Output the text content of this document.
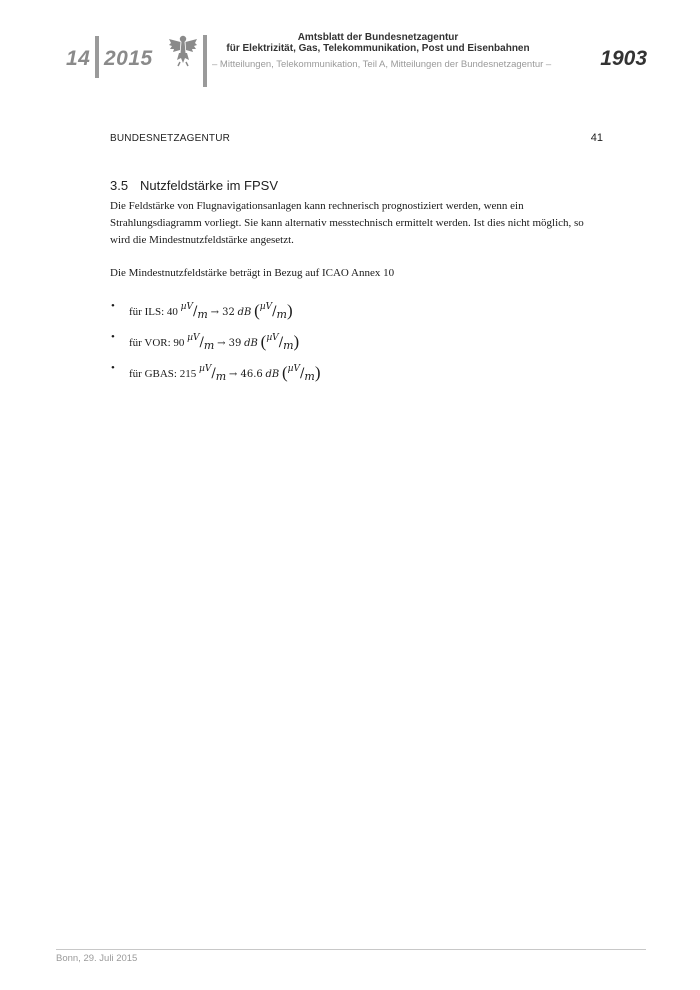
14 2015
Amtsblatt der Bundesnetzagentur
für Elektrizität, Gas, Telekommunikation, Post und Eisenbahnen
– Mitteilungen, Telekommunikation, Teil A, Mitteilungen der Bundesnetzagentur – 1903
BUNDESNETZAGENTUR	41
3.5 Nutzfeldstärke im FPSV
Die Feldstärke von Flugnavigationsanlagen kann rechnerisch prognostiziert werden, wenn ein Strahlungsdiagramm vorliegt. Sie kann alternativ messtechnisch ermittelt werden. Ist dies nicht möglich, so wird die Mindestnutzfeldstärke angesetzt.
Die Mindestnutzfeldstärke beträgt in Bezug auf ICAO Annex 10
• für ILS: 40 µV/m → 32 dB (µV/m)
• für VOR: 90 µV/m → 39 dB (µV/m)
• für GBAS: 215 µV/m → 46.6 dB (µV/m)
Bonn, 29. Juli 2015
